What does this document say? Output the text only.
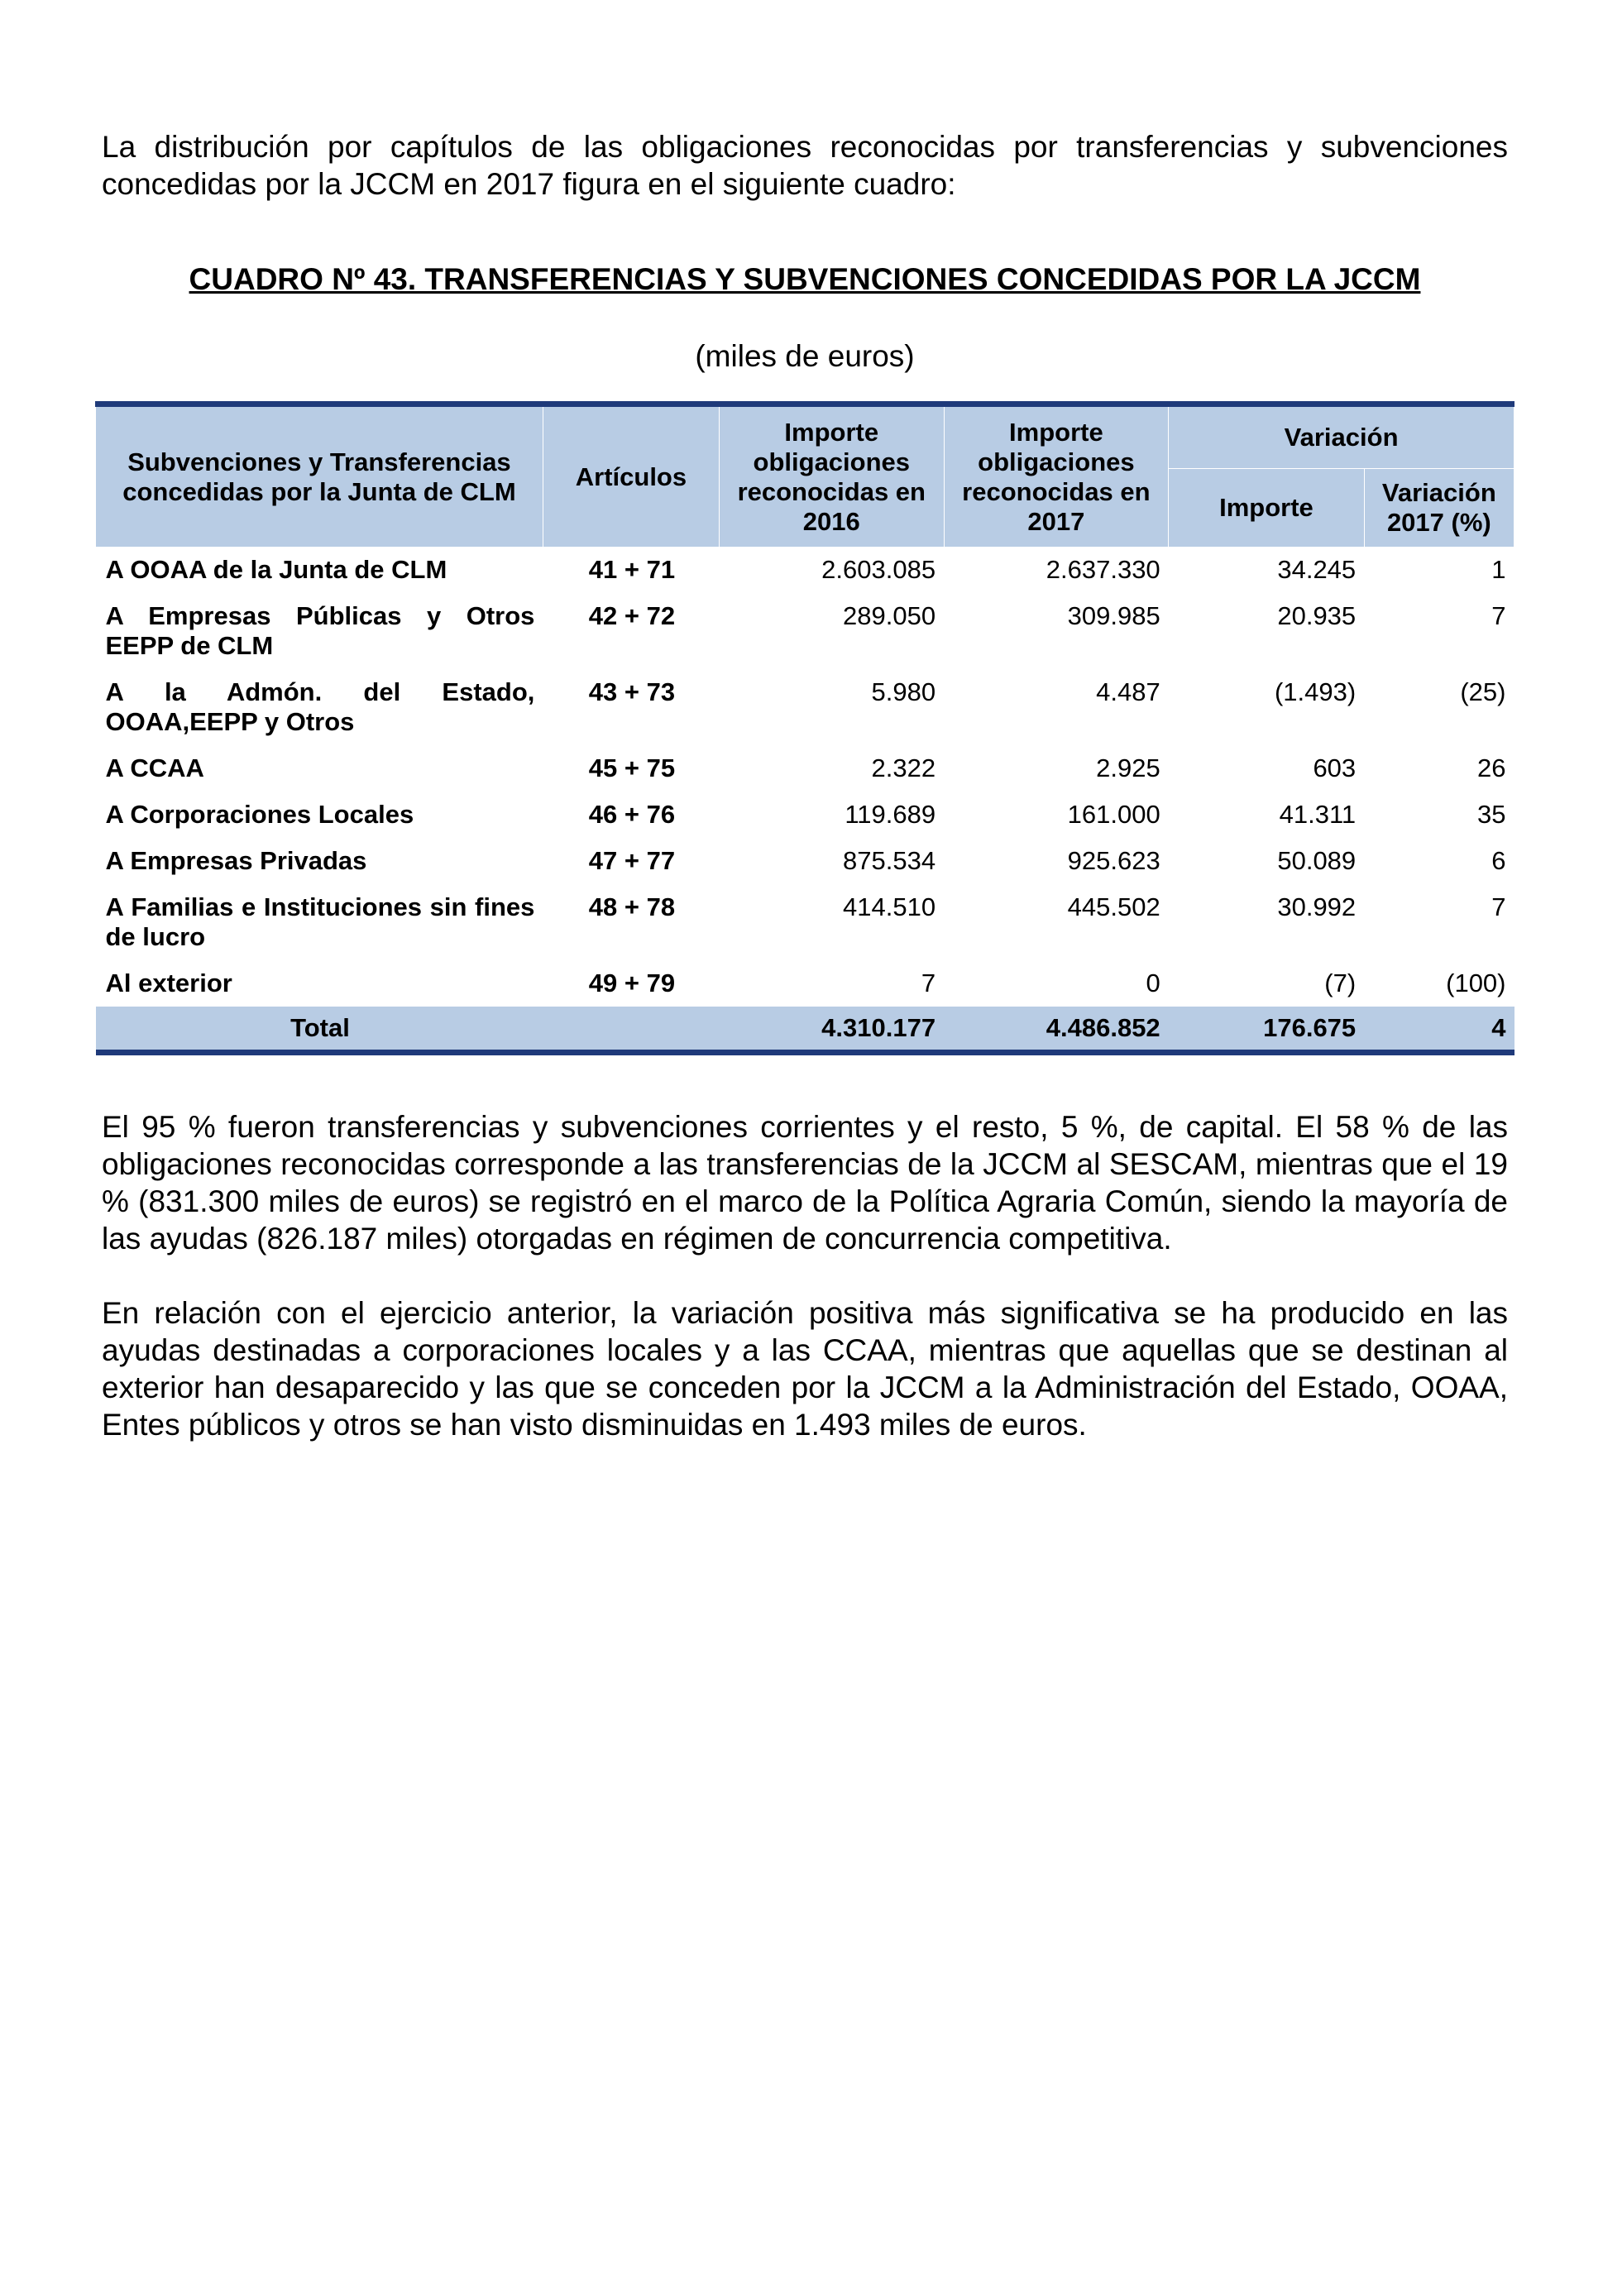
La distribución por capítulos de las obligaciones reconocidas por transferencias y subvenciones concedidas por la JCCM en 2017 figura en el siguiente cuadro:

CUADRO Nº 43. TRANSFERENCIAS Y SUBVENCIONES CONCEDIDAS POR LA JCCM
(miles de euros)
Subvenciones y Transferencias concedidas por la Junta de CLM	Artículos	Importe obligaciones reconocidas en 2016	Importe obligaciones reconocidas en 2017	Variación	
				Importe	Variación 2017 (%)
A OOAA de la Junta de CLM	41 + 71	2.603.085	2.637.330	34.245	1
A Empresas Públicas y Otros EEPP de CLM	42 + 72	289.050	309.985	20.935	7
A la Admón. del Estado, OOAA,EEPP y Otros	43 + 73	5.980	4.487	(1.493)	(25)
A CCAA	45 + 75	2.322	2.925	603	26
A Corporaciones Locales	46 + 76	119.689	161.000	41.311	35
A Empresas Privadas	47 + 77	875.534	925.623	50.089	6
A Familias e Instituciones sin fines de lucro	48 + 78	414.510	445.502	30.992	7
Al exterior	49 + 79	7	0	(7)	(100)
Total		4.310.177	4.486.852	176.675	4

El 95 % fueron transferencias y subvenciones corrientes y el resto, 5 %, de capital. El 58 % de las obligaciones reconocidas corresponde a las transferencias de la JCCM al SESCAM, mientras que el 19 % (831.300 miles de euros) se registró en el marco de la Política Agraria Común, siendo la mayoría de las ayudas (826.187 miles) otorgadas en régimen de concurrencia competitiva.

En relación con el ejercicio anterior, la variación positiva más significativa se ha producido en las ayudas destinadas a corporaciones locales y a las CCAA, mientras que aquellas que se destinan al exterior han desaparecido y las que se conceden por la JCCM a la Administración del Estado, OOAA, Entes públicos y otros se han visto disminuidas en 1.493 miles de euros.
